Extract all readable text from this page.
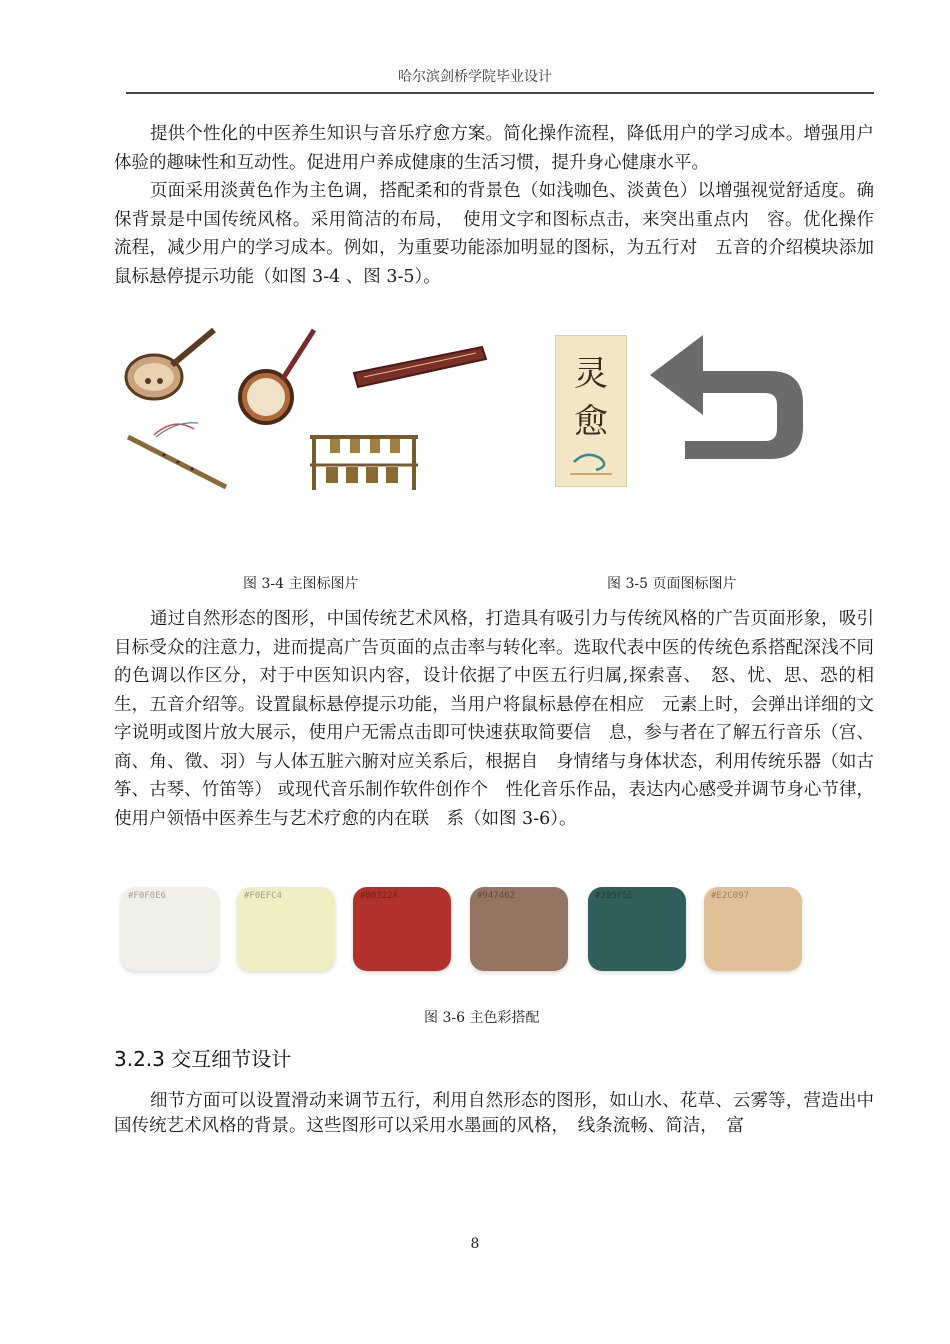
哈尔滨剑桥学院毕业设计

提供个性化的中医养生知识与音乐疗愈方案。简化操作流程，降低用户的学习成本。增强用户体验的趣味性和互动性。促进用户养成健康的生活习惯，提升身心健康水平。

页面采用淡黄色作为主色调，搭配柔和的背景色（如浅咖色、淡黄色）以增强视觉舒适度。确保背景是中国传统风格。采用简洁的布局，　使用文字和图标点击，来突出重点内　容。优化操作流程，减少用户的学习成本。例如，为重要功能添加明显的图标，为五行对　五音的介绍模块添加鼠标悬停提示功能（如图 3-4 、图 3-5）。

灵
愈
图 3-4 主图标图片	图 3-5 页面图标图片

通过自然形态的图形，中国传统艺术风格，打造具有吸引力与传统风格的广告页面形象，吸引目标受众的注意力，进而提高广告页面的点击率与转化率。选取代表中医的传统色系搭配深浅不同的色调以作区分，对于中医知识内容，设计依据了中医五行归属,探索喜、　怒、忧、思、恐的相生，五音介绍等。设置鼠标悬停提示功能，当用户将鼠标悬停在相应　元素上时，会弹出详细的文字说明或图片放大展示，使用户无需点击即可快速获取简要信　息，参与者在了解五行音乐（宫、商、角、徵、羽）与人体五脏六腑对应关系后，根据自　身情绪与身体状态，利用传统乐器（如古筝、古琴、竹笛等） 或现代音乐制作软件创作个　性化音乐作品，表达内心感受并调节身心节律，使用户领悟中医养生与艺术疗愈的内在联　系（如图 3-6）。

#F0F0E6	#F0EFC4	#B0322A	#947462	#305F5E	#E2C097
图 3-6 主色彩搭配
3.2.3 交互细节设计

细节方面可以设置滑动来调节五行，利用自然形态的图形，如山水、花草、云雾等，营造出中国传统艺术风格的背景。这些图形可以采用水墨画的风格，　线条流畅、简洁，　富

8
